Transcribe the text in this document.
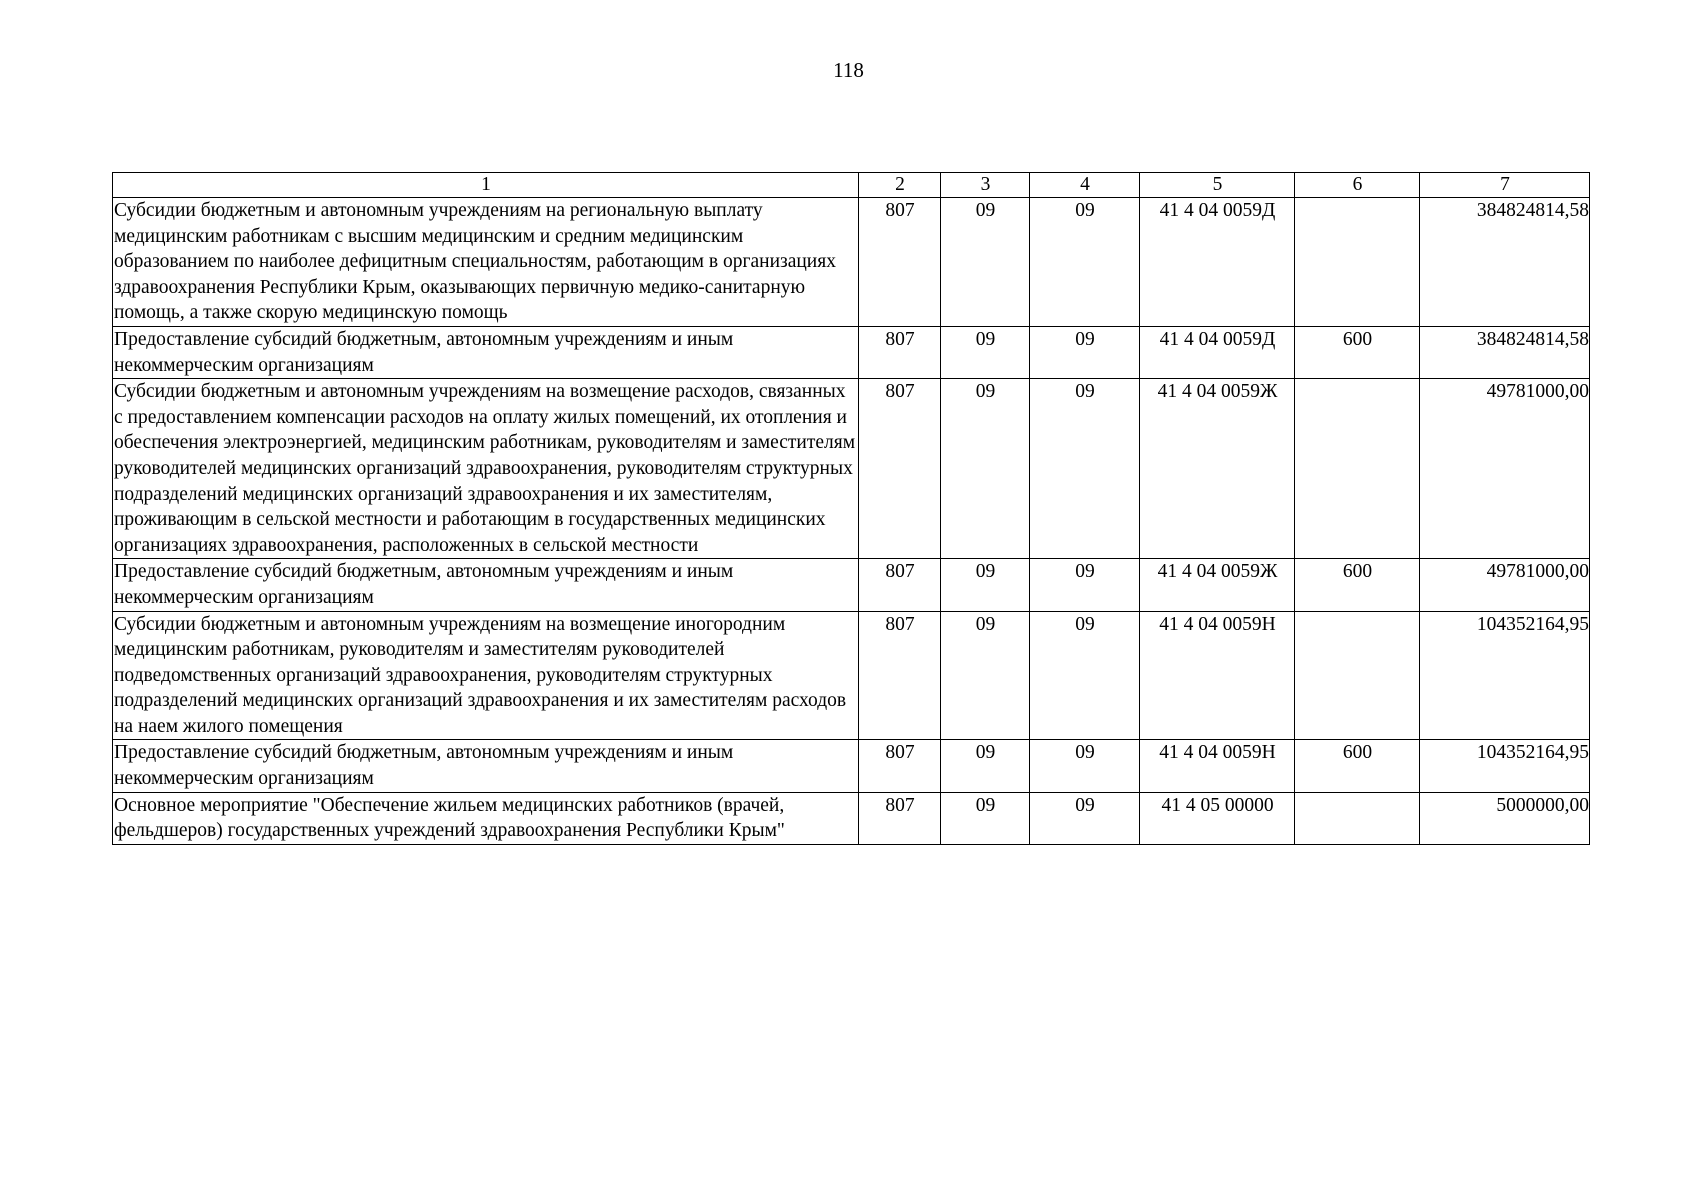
118
1	2	3	4	5	6	7
Субсидии бюджетным и автономным учреждениям на региональную выплату медицинским работникам с высшим медицинским и средним медицинским образованием по наиболее дефицитным специальностям, работающим в организациях здравоохранения Республики Крым, оказывающих первичную медико-санитарную помощь, а также скорую медицинскую помощь	807	09	09	41 4 04 0059Д		384824814,58
Предоставление субсидий бюджетным, автономным учреждениям и иным некоммерческим организациям	807	09	09	41 4 04 0059Д	600	384824814,58
Субсидии бюджетным и автономным учреждениям на возмещение расходов, связанных с предоставлением компенсации расходов на оплату жилых помещений, их отопления и обеспечения электроэнергией, медицинским работникам, руководителям и заместителям руководителей медицинских организаций здравоохранения, руководителям структурных подразделений медицинских организаций здравоохранения и их заместителям, проживающим в сельской местности и работающим в государственных медицинских организациях здравоохранения, расположенных в сельской местности	807	09	09	41 4 04 0059Ж		49781000,00
Предоставление субсидий бюджетным, автономным учреждениям и иным некоммерческим организациям	807	09	09	41 4 04 0059Ж	600	49781000,00
Субсидии бюджетным и автономным учреждениям на возмещение иногородним медицинским работникам, руководителям и заместителям руководителей подведомственных организаций здравоохранения, руководителям структурных подразделений медицинских организаций здравоохранения и их заместителям расходов на наем жилого помещения	807	09	09	41 4 04 0059Н		104352164,95
Предоставление субсидий бюджетным, автономным учреждениям и иным некоммерческим организациям	807	09	09	41 4 04 0059Н	600	104352164,95
Основное мероприятие "Обеспечение жильем медицинских работников (врачей, фельдшеров) государственных учреждений здравоохранения Республики Крым"	807	09	09	41 4 05 00000		5000000,00
